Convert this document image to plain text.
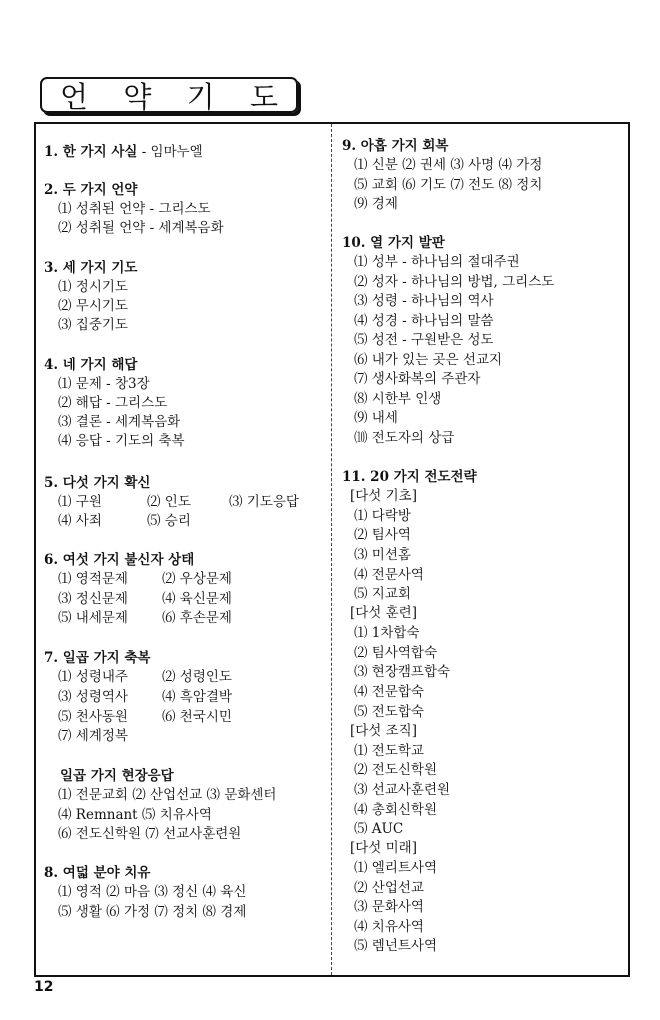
언 약 기 도
1. 한 가지 사실 - 임마누엘
2. 두 가지 언약
⑴ 성취된 언약 - 그리스도
⑵ 성취될 언약 - 세계복음화
3. 세 가지 기도
⑴ 정시기도
⑵ 무시기도
⑶ 집중기도
4. 네 가지 해답
⑴ 문제 - 창3장
⑵ 해답 - 그리스도
⑶ 결론 - 세계복음화
⑷ 응답 - 기도의 축복
5. 다섯 가지 확신
⑴ 구원	⑵ 인도	⑶ 기도응답
⑷ 사죄	⑸ 승리
6. 여섯 가지 불신자 상태
⑴ 영적문제	⑵ 우상문제
⑶ 정신문제	⑷ 육신문제
⑸ 내세문제	⑹ 후손문제
7. 일곱 가지 축복
⑴ 성령내주	⑵ 성령인도
⑶ 성령역사	⑷ 흑암결박
⑸ 천사동원	⑹ 천국시민
⑺ 세계정복
일곱 가지 현장응답
⑴ 전문교회 ⑵ 산업선교 ⑶ 문화센터
⑷ Remnant ⑸ 치유사역
⑹ 전도신학원 ⑺ 선교사훈련원
8. 여덟 분야 치유
⑴ 영적 ⑵ 마음 ⑶ 정신 ⑷ 육신
⑸ 생활 ⑹ 가정 ⑺ 정치 ⑻ 경제
9. 아홉 가지 회복
⑴ 신분 ⑵ 권세 ⑶ 사명 ⑷ 가정
⑸ 교회 ⑹ 기도 ⑺ 전도 ⑻ 정치
⑼ 경제
10. 열 가지 발판
⑴ 성부 - 하나님의 절대주권
⑵ 성자 - 하나님의 방법, 그리스도
⑶ 성령 - 하나님의 역사
⑷ 성경 - 하나님의 말씀
⑸ 성전 - 구원받은 성도
⑹ 내가 있는 곳은 선교지
⑺ 생사화복의 주관자
⑻ 시한부 인생
⑼ 내세
⑽ 전도자의 상급
11. 20 가지 전도전략
[다섯 기초]
⑴ 다락방
⑵ 팀사역
⑶ 미션홈
⑷ 전문사역
⑸ 지교회
[다섯 훈련]
⑴ 1차합숙
⑵ 팀사역합숙
⑶ 현장캠프합숙
⑷ 전문합숙
⑸ 전도합숙
[다섯 조직]
⑴ 전도학교
⑵ 전도신학원
⑶ 선교사훈련원
⑷ 총회신학원
⑸ AUC
[다섯 미래]
⑴ 엘리트사역
⑵ 산업선교
⑶ 문화사역
⑷ 치유사역
⑸ 렘넌트사역
12
